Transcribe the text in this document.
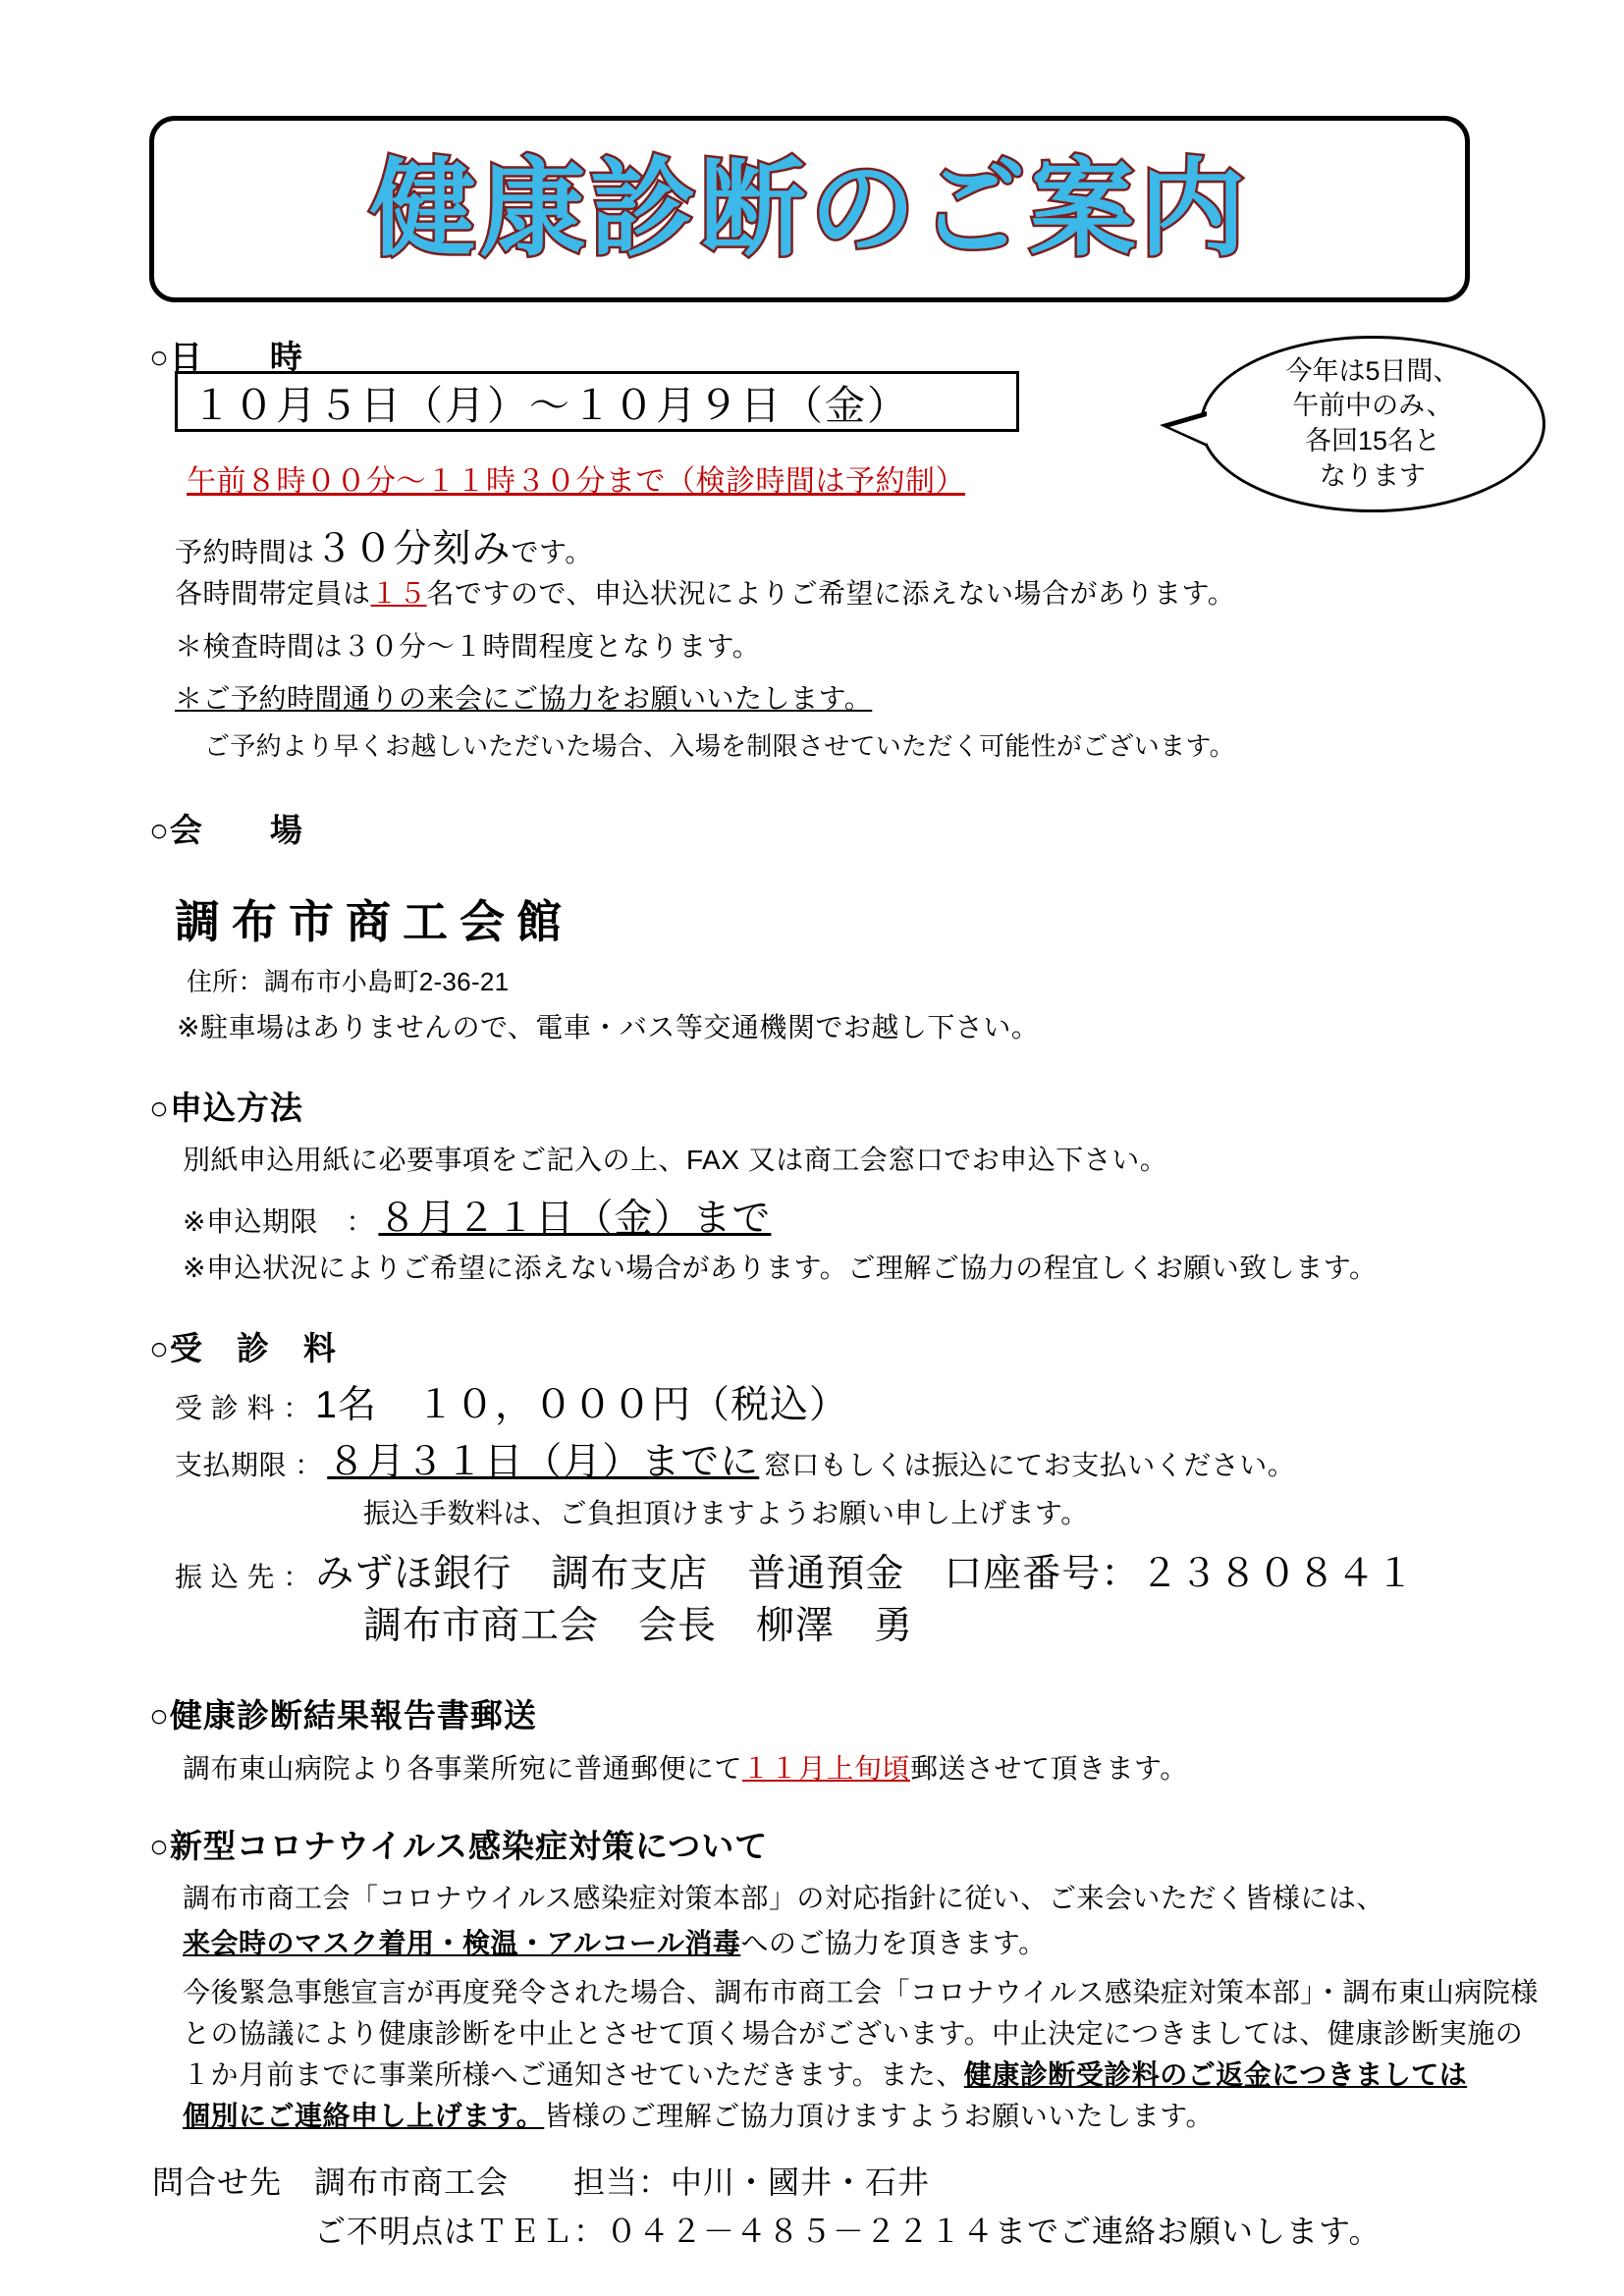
健康診断のご案内
今年は5日間、
午前中のみ、
各回15名と
なります
○日　　時
１０月５日（月）～１０月９日（金）
午前８時００分～１１時３０分まで（検診時間は予約制）
予約時間は３０分刻みです。
各時間帯定員は１５名ですので、申込状況によりご希望に添えない場合があります。
＊検査時間は３０分～１時間程度となります。
＊ご予約時間通りの来会にご協力をお願いいたします。
ご予約より早くお越しいただいた場合、入場を制限させていただく可能性がございます。
○会　　場
調布市商工会館
住所：調布市小島町2-36-21
※駐車場はありませんので、電車・バス等交通機関でお越し下さい。
○申込方法
別紙申込用紙に必要事項をご記入の上、FAX 又は商工会窓口でお申込下さい。
※申込期限　： ８月２１日（金）まで
※申込状況によりご希望に添えない場合があります。ご理解ご協力の程宜しくお願い致します。
○受　診　料
受 診 料 ： 1名　１０，０００円（税込）
支払期限 ： ８月３１日（月）までに 窓口もしくは振込にてお支払いください。
振込手数料は、ご負担頂けますようお願い申し上げます。
振 込 先 ： みずほ銀行　調布支店　普通預金　口座番号：２３８０８４１
調布市商工会　会長　柳澤　勇
○健康診断結果報告書郵送
調布東山病院より各事業所宛に普通郵便にて１１月上旬頃郵送させて頂きます。
○新型コロナウイルス感染症対策について
調布市商工会「コロナウイルス感染症対策本部」の対応指針に従い、ご来会いただく皆様には、
来会時のマスク着用・検温・アルコール消毒へのご協力を頂きます。
今後緊急事態宣言が再度発令された場合、調布市商工会「コロナウイルス感染症対策本部」・調布東山病院様
との協議により健康診断を中止とさせて頂く場合がございます。中止決定につきましては、健康診断実施の
１か月前までに事業所様へご通知させていただきます。また、健康診断受診料のご返金につきましては
個別にご連絡申し上げます。皆様のご理解ご協力頂けますようお願いいたします。
問合せ先　調布市商工会　　担当：中川・國井・石井
ご不明点はＴＥＬ：０４２－４８５－２２１４までご連絡お願いします。
